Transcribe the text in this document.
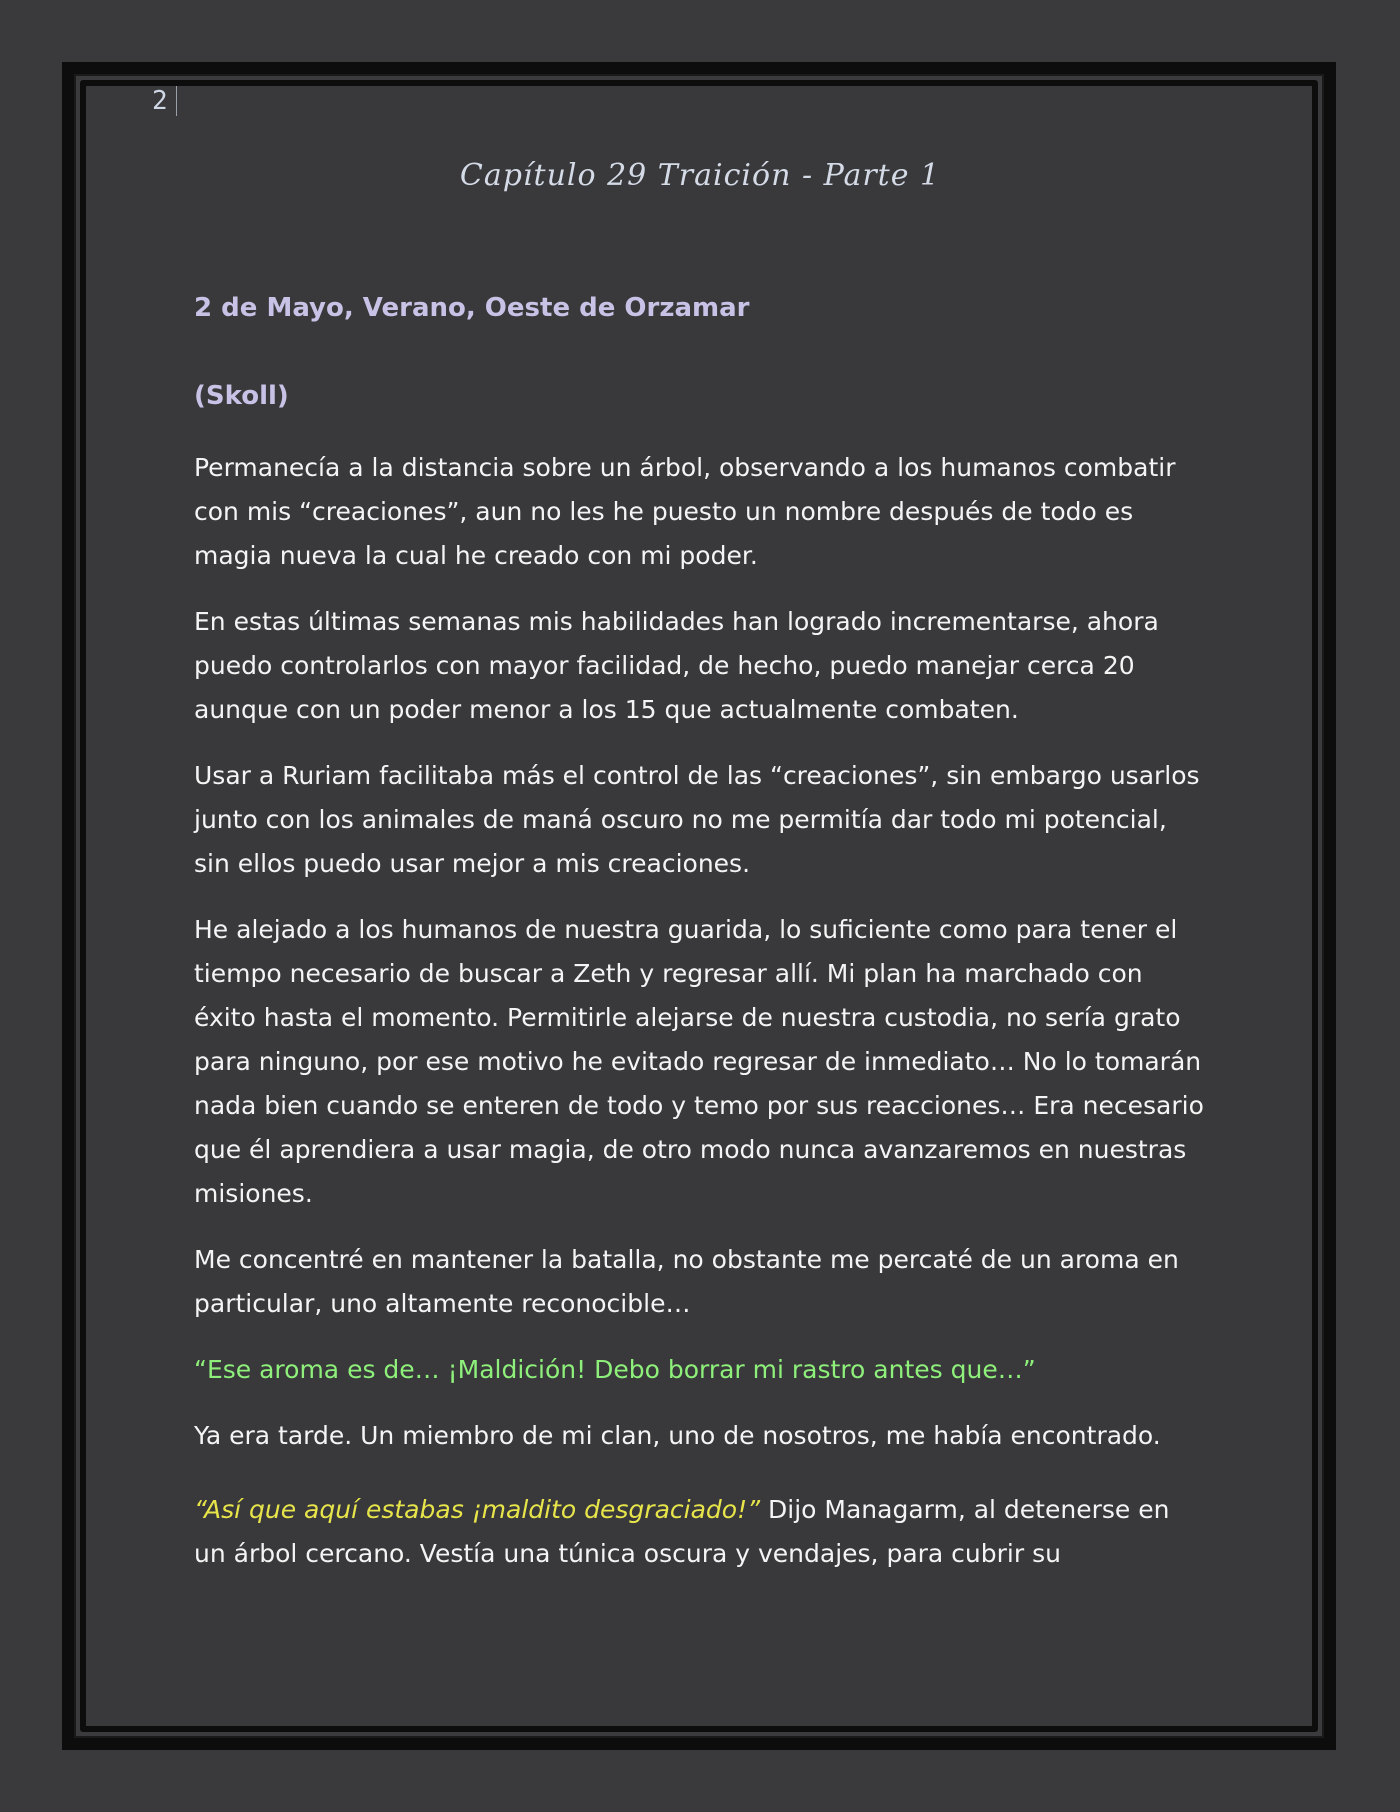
2
Capítulo 29 Traición - Parte 1

2 de Mayo, Verano, Oeste de Orzamar

(Skoll)

Permanecía a la distancia sobre un árbol, observando a los humanos combatir con mis “creaciones”, aun no les he puesto un nombre después de todo es magia nueva la cual he creado con mi poder.

En estas últimas semanas mis habilidades han logrado incrementarse, ahora puedo controlarlos con mayor facilidad, de hecho, puedo manejar cerca 20 aunque con un poder menor a los 15 que actualmente combaten.

Usar a Ruriam facilitaba más el control de las “creaciones”, sin embargo usarlos junto con los animales de maná oscuro no me permitía dar todo mi potencial, sin ellos puedo usar mejor a mis creaciones.

He alejado a los humanos de nuestra guarida, lo suficiente como para tener el tiempo necesario de buscar a Zeth y regresar allí. Mi plan ha marchado con éxito hasta el momento. Permitirle alejarse de nuestra custodia, no sería grato para ninguno, por ese motivo he evitado regresar de inmediato… No lo tomarán nada bien cuando se enteren de todo y temo por sus reacciones… Era necesario que él aprendiera a usar magia, de otro modo nunca avanzaremos en nuestras misiones.

Me concentré en mantener la batalla, no obstante me percaté de un aroma en particular, uno altamente reconocible…

“Ese aroma es de… ¡Maldición! Debo borrar mi rastro antes que…”

Ya era tarde. Un miembro de mi clan, uno de nosotros, me había encontrado.

“Así que aquí estabas ¡maldito desgraciado!” Dijo Managarm, al detenerse en un árbol cercano. Vestía una túnica oscura y vendajes, para cubrir su
